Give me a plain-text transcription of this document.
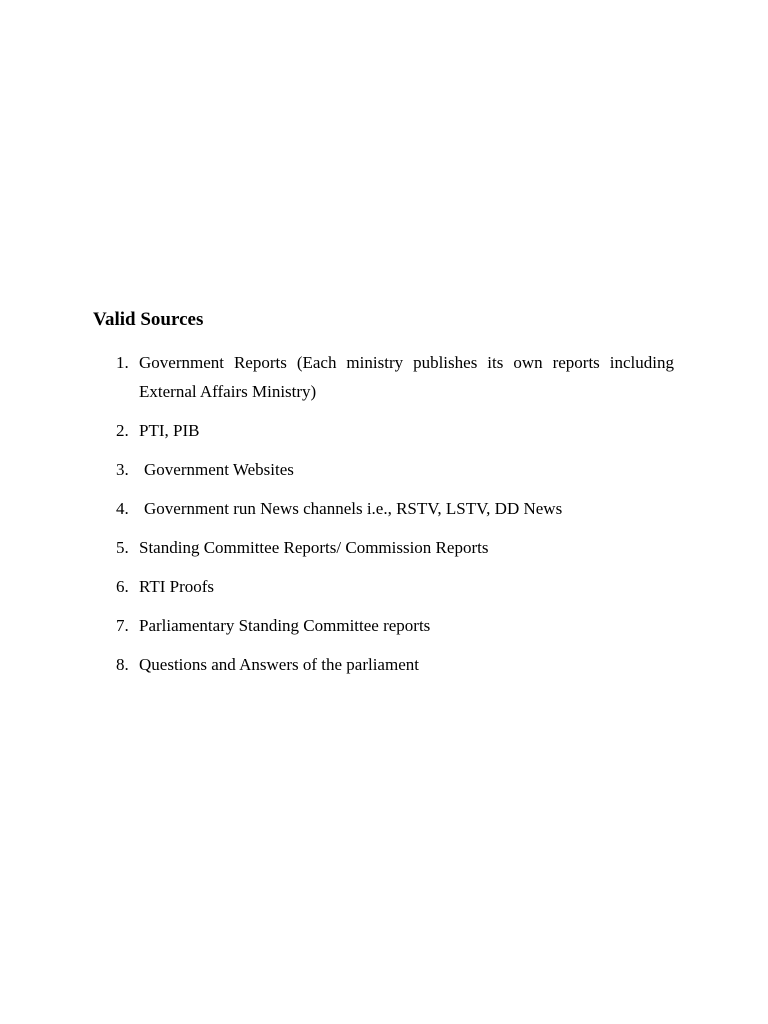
Valid Sources
1. Government Reports (Each ministry publishes its own reports including External Affairs Ministry)
2. PTI, PIB
3. Government Websites
4. Government run News channels i.e., RSTV, LSTV, DD News
5. Standing Committee Reports/ Commission Reports
6. RTI Proofs
7. Parliamentary Standing Committee reports
8. Questions and Answers of the parliament
